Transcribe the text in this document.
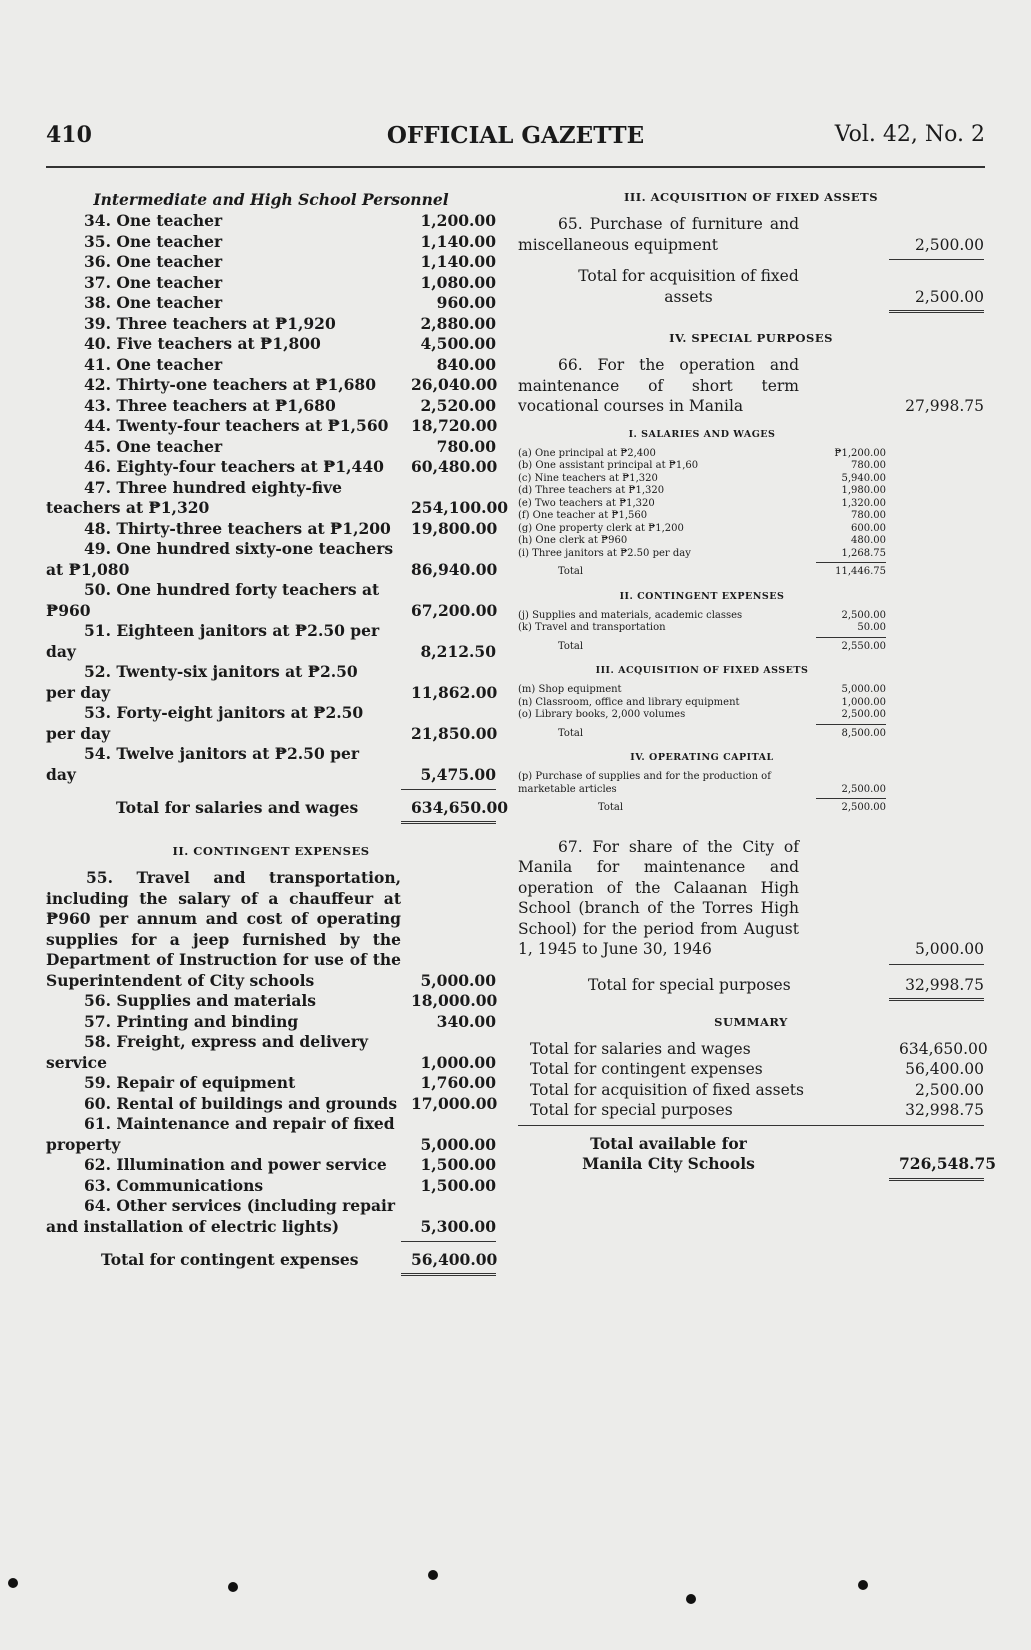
410	OFFICIAL GAZETTE	Vol. 42, No. 2
Intermediate and High School Personnel
34. One teacher	1,200.00
35. One teacher	1,140.00
36. One teacher	1,140.00
37. One teacher	1,080.00
38. One teacher	960.00
39. Three teachers at ₱1,920	2,880.00
40. Five teachers at ₱1,800	4,500.00
41. One teacher	840.00
42. Thirty-one teachers at ₱1,680	26,040.00
43. Three teachers at ₱1,680	2,520.00
44. Twenty-four teachers at ₱1,560	18,720.00
45. One teacher	780.00
46. Eighty-four teachers at ₱1,440	60,480.00
47. Three hundred eighty-five
teachers at ₱1,320	254,100.00
48. Thirty-three teachers at ₱1,200	19,800.00
49. One hundred sixty-one teachers
at ₱1,080	86,940.00
50. One hundred forty teachers at
₱960	67,200.00
51. Eighteen janitors at ₱2.50 per
day	8,212.50
52. Twenty-six janitors at ₱2.50
per day	11,862.00
53. Forty-eight janitors at ₱2.50
per day	21,850.00
54. Twelve janitors at ₱2.50 per
day	5,475.00
Total for salaries and wages	634,650.00
II. CONTINGENT EXPENSES
55. Travel and transportation, including the salary of a chauffeur at ₱960 per annum and cost of operating supplies for a jeep furnished by the Department of Instruction for use of the Superintendent of City schools	5,000.00
56. Supplies and materials	18,000.00
57. Printing and binding	340.00
58. Freight, express and delivery
service	1,000.00
59. Repair of equipment	1,760.00
60. Rental of buildings and grounds 17,000.00
61. Maintenance and repair of fixed
property	5,000.00
62. Illumination and power service	1,500.00
63. Communications	1,500.00
64. Other services (including repair
and installation of electric lights)	5,300.00
Total for contingent expenses	56,400.00
III. ACQUISITION OF FIXED ASSETS
65. Purchase of furniture and miscellaneous equipment	2,500.00
Total for acquisition of fixed assets	2,500.00
IV. SPECIAL PURPOSES
66. For the operation and maintenance of short term vocational courses in Manila	27,998.75
I. SALARIES AND WAGES
(a) One principal at ₱2,400	₱1,200.00
(b) One assistant principal at ₱1,60	780.00
(c) Nine teachers at ₱1,320	5,940.00
(d) Three teachers at ₱1,320	1,980.00
(e) Two teachers at ₱1,320	1,320.00
(f) One teacher at ₱1,560	780.00
(g) One property clerk at ₱1,200	600.00
(h) One clerk at ₱960	480.00
(i) Three janitors at ₱2.50 per day	1,268.75
Total	11,446.75
II. CONTINGENT EXPENSES
(j) Supplies and materials, academic classes	2,500.00
(k) Travel and transportation	50.00
Total	2,550.00
III. ACQUISITION OF FIXED ASSETS
(m) Shop equipment	5,000.00
(n) Classroom, office and library equipment	1,000.00
(o) Library books, 2,000 volumes	2,500.00
Total	8,500.00
IV. OPERATING CAPITAL
(p) Purchase of supplies and for the production of marketable articles	2,500.00
Total	2,500.00
67. For share of the City of Manila for maintenance and operation of the Calaanan High School (branch of the Torres High School) for the period from August 1, 1945 to June 30, 1946	5,000.00
Total for special purposes	32,998.75
SUMMARY
Total for salaries and wages	634,650.00
Total for contingent expenses	56,400.00
Total for acquisition of fixed assets	2,500.00
Total for special purposes	32,998.75
Total available for Manila City Schools	726,548.75
